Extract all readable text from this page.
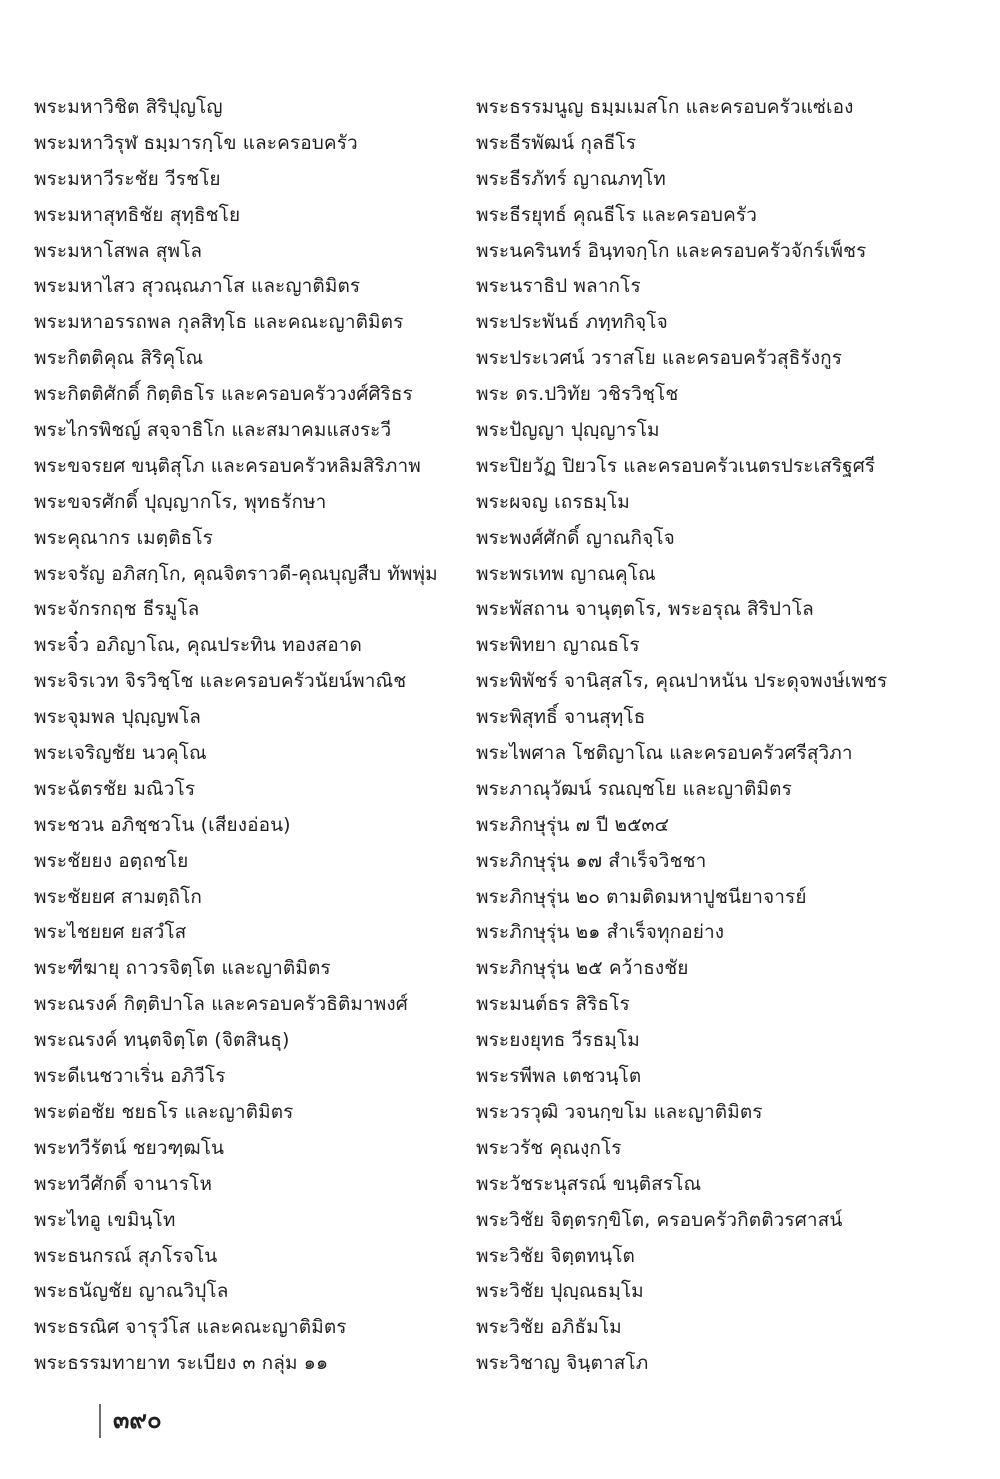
พระมหาวิชิต สิริปุญโญ
พระมหาวิรุฬ ธมฺมารกฺโข และครอบครัว
พระมหาวีระชัย วีรชโย
พระมหาสุทธิชัย สุทฺธิชโย
พระมหาโสพล สุพโล
พระมหาไสว สุวณฺณภาโส และญาติมิตร
พระมหาอรรถพล กุลสิทฺโธ และคณะญาติมิตร
พระกิตติคุณ สิริคุโณ
พระกิตติศักดิ์ กิตฺติธโร และครอบครัววงศ์ศิริธร
พระไกรพิชญ์ สจฺจาธิโก และสมาคมแสงระวี
พระขจรยศ ขนฺติสุโภ และครอบครัวหลิมสิริภาพ
พระขจรศักดิ์ ปุญฺญากโร, พุทธรักษา
พระคุณากร เมตฺติธโร
พระจรัญ อภิสกฺโก, คุณจิตราวดี-คุณบุญสืบ ทัพพุ่ม
พระจักรกฤช ธีรมูโล
พระจิ๋ว อภิญาโณ, คุณประทิน ทองสอาด
พระจิรเวท จิรวิชฺโช และครอบครัวนัยน์พาณิช
พระจุมพล ปุญฺญพโล
พระเจริญชัย นวคุโณ
พระฉัตรชัย มณิวโร
พระชวน อภิชฺชวโน (เสียงอ่อน)
พระชัยยง อตฺถชโย
พระชัยยศ สามตฺถิโก
พระไชยยศ ยสวํโส
พระฑีฆายุ ถาวรจิตฺโต และญาติมิตร
พระณรงค์ กิตฺติปาโล และครอบครัวธิติมาพงศ์
พระณรงค์ ทนฺตจิตฺโต (จิตสินธุ)
พระดีเนชวาเริ่น อภิวีโร
พระต่อชัย ชยธโร และญาติมิตร
พระทวีรัตน์ ชยวฑฺฒโน
พระทวีศักดิ์ จานารโห
พระไทอู เขมินฺโท
พระธนกรณ์ สุภโรจโน
พระธนัญชัย ญาณวิปุโล
พระธรณิศ จารุวํโส และคณะญาติมิตร
พระธรรมทายาท ระเบียง ๓ กลุ่ม ๑๑
พระธรรมนูญ ธมฺมเมสโก และครอบครัวแซ่เอง
พระธีรพัฒน์ กุลธีโร
พระธีรภัทร์ ญาณภทฺโท
พระธีรยุทธ์ คุณธีโร และครอบครัว
พระนครินทร์ อินฺทจกฺโก และครอบครัวจักร์เพ็ชร
พระนราธิป พลากโร
พระประพันธ์ ภทฺทกิจฺโจ
พระประเวศน์ วราสโย และครอบครัวสุธิรังกูร
พระ ดร.ปวิทัย วชิรวิชฺโช
พระปัญญา ปุญฺญารโม
พระปิยวัฏ ปิยวโร และครอบครัวเนตรประเสริฐศรี
พระผจญ เถรธมฺโม
พระพงศ์ศักดิ์ ญาณกิจฺโจ
พระพรเทพ ญาณคุโณ
พระพัสถาน จานุตฺตโร, พระอรุณ สิริปาโล
พระพิทยา ญาณธโร
พระพิพัชร์ จานิสฺสโร, คุณปาหนัน ประดุจพงษ์เพชร
พระพิสุทธิ์ จานสุทฺโธ
พระไพศาล โชติญาโณ และครอบครัวศรีสุวิภา
พระภาณุวัฒน์ รณญฺชโย และญาติมิตร
พระภิกษุรุ่น ๗ ปี ๒๕๓๔
พระภิกษุรุ่น ๑๗ สำเร็จวิชชา
พระภิกษุรุ่น ๒๐ ตามติดมหาปูชนียาจารย์
พระภิกษุรุ่น ๒๑ สำเร็จทุกอย่าง
พระภิกษุรุ่น ๒๕ คว้าธงชัย
พระมนต์ธร สิริธโร
พระยงยุทธ วีรธมฺโม
พระรพีพล เตชวนฺโต
พระวรวุฒิ วจนกฺขโม และญาติมิตร
พระวรัช คุณงฺกโร
พระวัชระนุสรณ์ ขนฺติสรโณ
พระวิชัย จิตฺตรกฺขิโต, ครอบครัวกิตติวรศาสน์
พระวิชัย จิตฺตทนฺโต
พระวิชัย ปุญฺณธมฺโม
พระวิชัย อภิธัมโม
พระวิชาญ จินฺตาสโภ
๓๙๐
